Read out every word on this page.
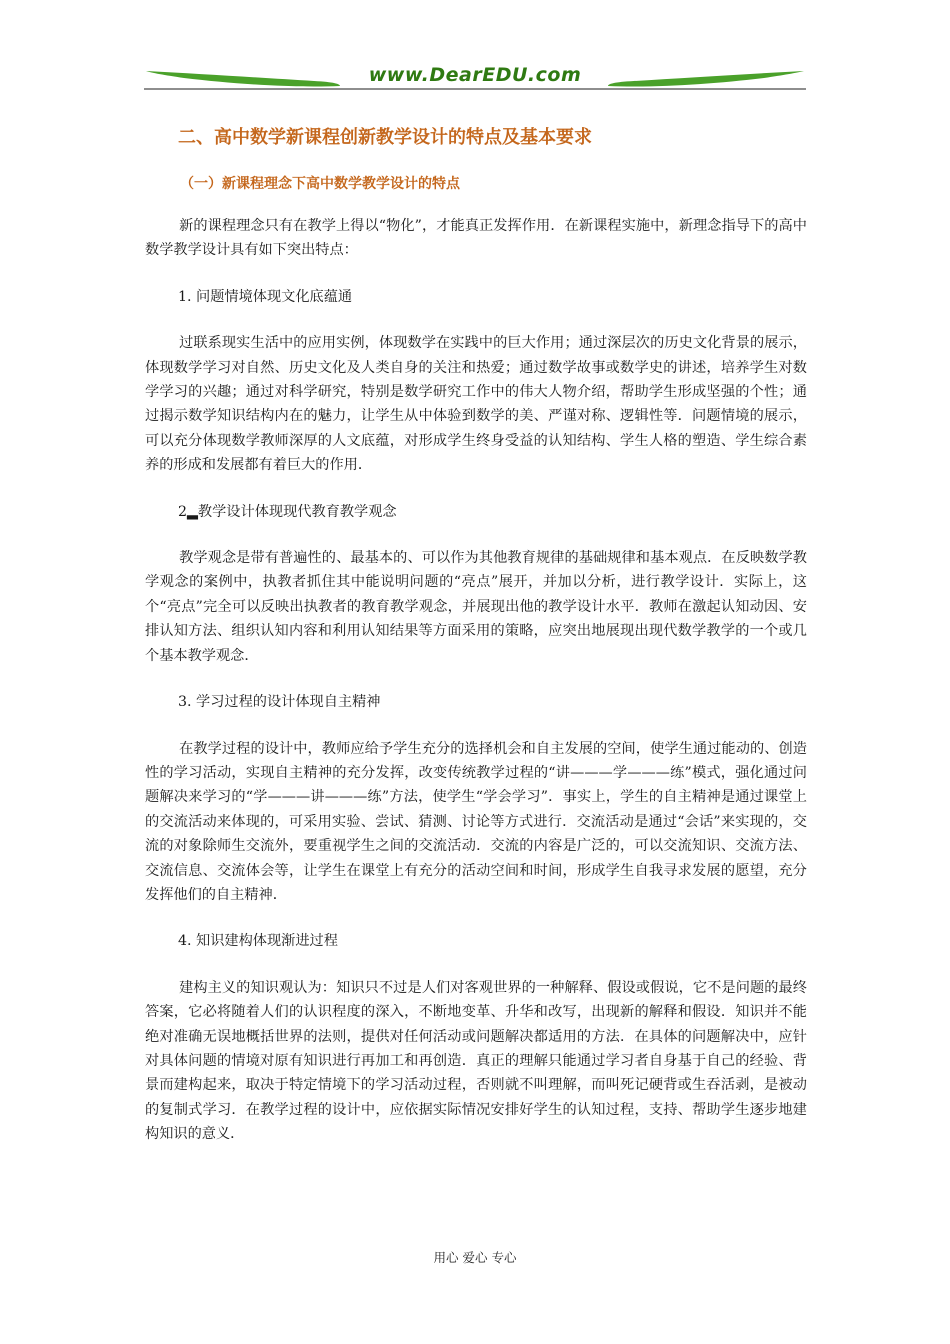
www.DearEDU.com
二、高中数学新课程创新教学设计的特点及基本要求
（一）新课程理念下高中数学教学设计的特点

新的课程理念只有在教学上得以“物化”，才能真正发挥作用．在新课程实施中，新理念指导下的高中数学教学设计具有如下突出特点：

1. 问题情境体现文化底蕴通

过联系现实生活中的应用实例，体现数学在实践中的巨大作用；通过深层次的历史文化背景的展示，体现数学学习对自然、历史文化及人类自身的关注和热爱；通过数学故事或数学史的讲述，培养学生对数学学习的兴趣；通过对科学研究，特别是数学研究工作中的伟大人物介绍，帮助学生形成坚强的个性；通过揭示数学知识结构内在的魅力，让学生从中体验到数学的美、严谨对称、逻辑性等．问题情境的展示，可以充分体现数学教师深厚的人文底蕴，对形成学生终身受益的认知结构、学生人格的塑造、学生综合素养的形成和发展都有着巨大的作用．

2▂教学设计体现现代教育教学观念

教学观念是带有普遍性的、最基本的、可以作为其他教育规律的基础规律和基本观点．在反映数学教学观念的案例中，执教者抓住其中能说明问题的“亮点”展开，并加以分析，进行教学设计．实际上，这个“亮点”完全可以反映出执教者的教育教学观念，并展现出他的教学设计水平．教师在激起认知动因、安排认知方法、组织认知内容和利用认知结果等方面采用的策略，应突出地展现出现代数学教学的一个或几个基本教学观念．

3. 学习过程的设计体现自主精神

在教学过程的设计中，教师应给予学生充分的选择机会和自主发展的空间，使学生通过能动的、创造性的学习活动，实现自主精神的充分发挥，改变传统教学过程的“讲———学———练”模式，强化通过问题解决来学习的“学———讲———练”方法，使学生“学会学习”．事实上，学生的自主精神是通过课堂上的交流活动来体现的，可采用实验、尝试、猜测、讨论等方式进行．交流活动是通过“会话”来实现的，交流的对象除师生交流外，要重视学生之间的交流活动．交流的内容是广泛的，可以交流知识、交流方法、交流信息、交流体会等，让学生在课堂上有充分的活动空间和时间，形成学生自我寻求发展的愿望，充分发挥他们的自主精神．

4. 知识建构体现渐进过程

建构主义的知识观认为：知识只不过是人们对客观世界的一种解释、假设或假说，它不是问题的最终答案，它必将随着人们的认识程度的深入，不断地变革、升华和改写，出现新的解释和假设．知识并不能绝对准确无误地概括世界的法则，提供对任何活动或问题解决都适用的方法．在具体的问题解决中，应针对具体问题的情境对原有知识进行再加工和再创造．真正的理解只能通过学习者自身基于自己的经验、背景而建构起来，取决于特定情境下的学习活动过程，否则就不叫理解，而叫死记硬背或生吞活剥，是被动的复制式学习．在教学过程的设计中，应依据实际情况安排好学生的认知过程，支持、帮助学生逐步地建构知识的意义．

用心 爱心 专心
